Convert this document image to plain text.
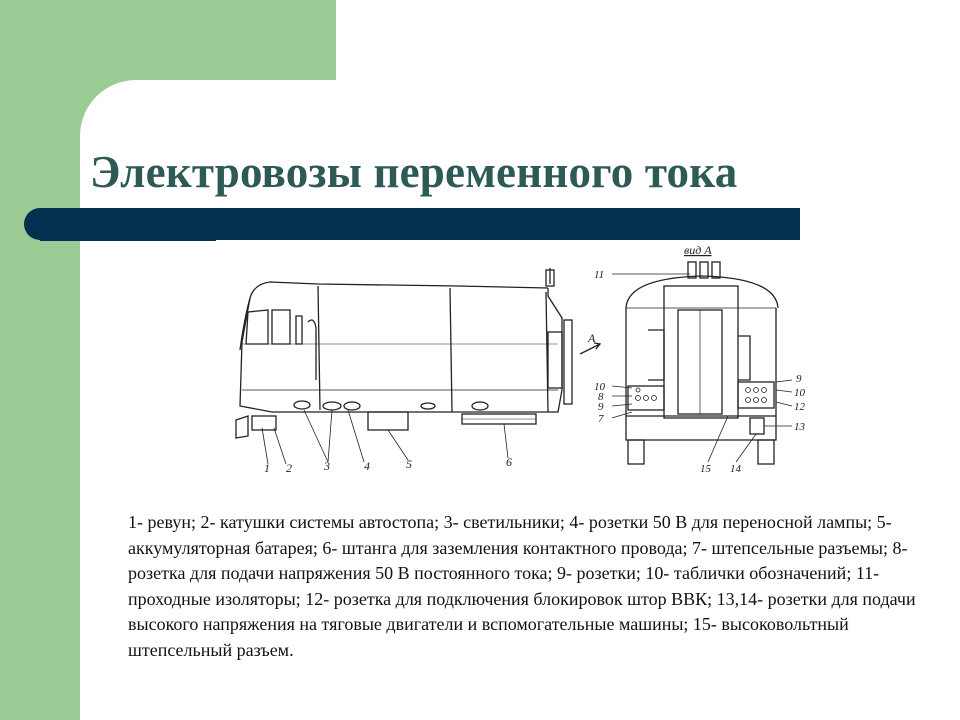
Электровозы переменного тока
А
1 2	3	4	5	6
вид А
11
10
8
9
7
9
10
12
13
15 14

1- ревун; 2- катушки системы автостопа; 3- светильники; 4- розетки 50 В для переносной лампы; 5- аккумуляторная батарея; 6- штанга для заземления контактного провода; 7- штепсельные разъемы; 8- розетка для подачи напряжения 50 В постоянного тока; 9- розетки; 10- таблички обозначений; 11- проходные изоляторы; 12- розетка для подключения блокировок штор ВВК; 13,14- розетки для подачи высокого напряжения на тяговые двигатели и вспомогательные машины; 15- высоковольтный штепсельный разъем.
